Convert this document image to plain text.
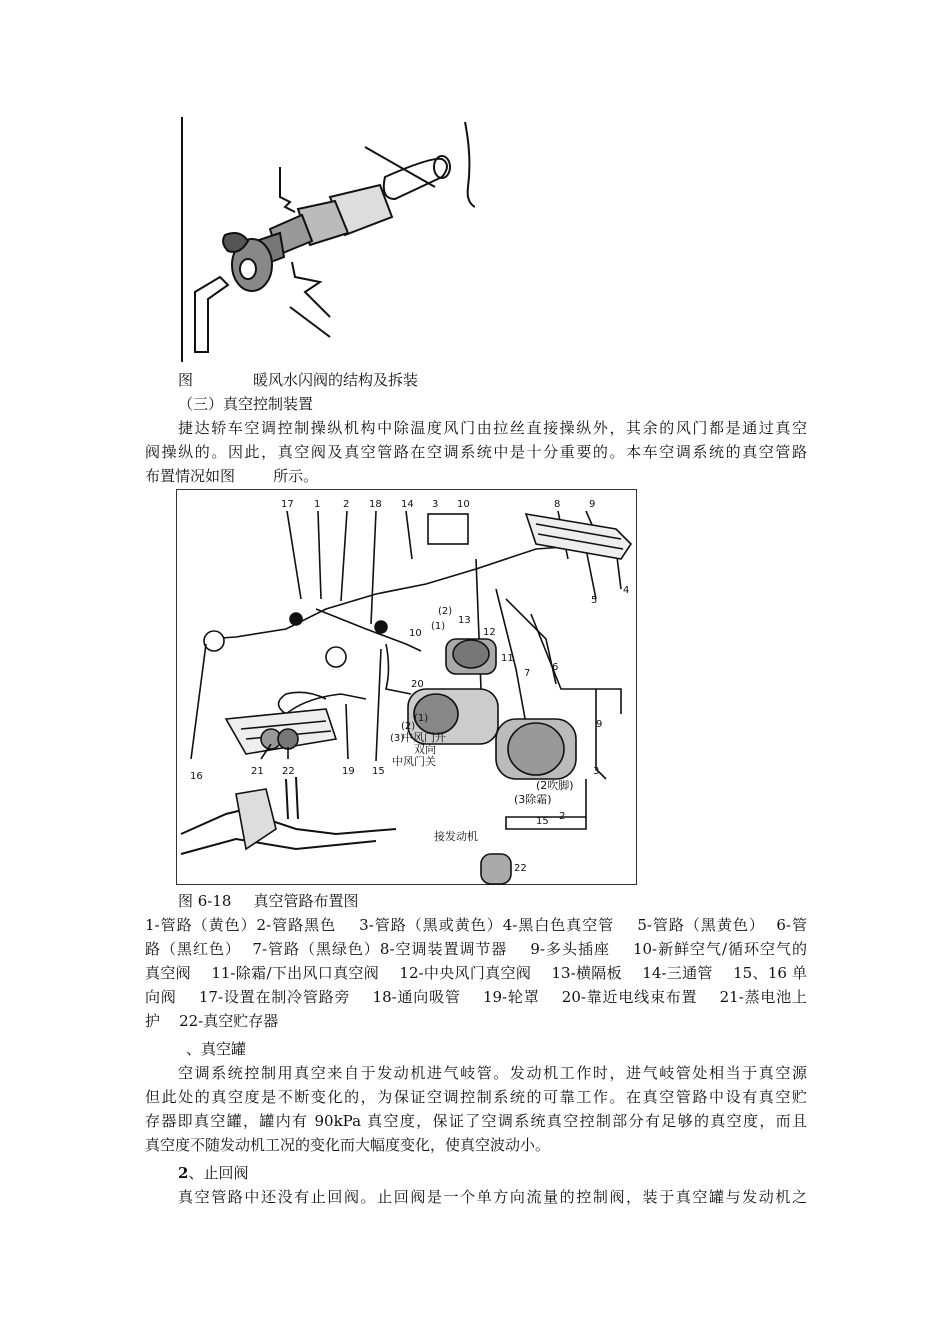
图	暖风水闪阀的结构及拆装
（三）真空控制装置
捷达轿车空调控制操纵机构中除温度风门由拉丝直接操纵外，其余的风门都是通过真空
阀操纵的。因此，真空阀及真空管路在空调系统中是十分重要的。本车空调系统的真空管路
布置情况如图        所示。
17 1 2 18 14 3 10	8	9
5
4
(2)
13
(1)
12
11
7
6
10
20
(1)
(2)
(3)
9
16	21 22	19 15	3
2
15
22
中风门开
双向
中风门关
(2吹脚)
(3除霜)
接发动机
图 6-18 真空管路布置图
1-管路（黄色）2-管路黑色    3-管路（黑或黄色）4-黑白色真空管    5-管路（黑黄色）  6-管
路（黑红色）  7-管路（黑绿色）8-空调装置调节器    9-多头插座    10-新鲜空气/循环空气的
真空阀    11-除霜/下出风口真空阀    12-中央风门真空阀    13-横隔板    14-三通管    15、16 单
向阀    17-设置在制冷管路旁    18-通向吸管    19-轮罩    20-靠近电线束布置    21-蒸电池上
护    22-真空贮存器
、真空罐
空调系统控制用真空来自于发动机进气岐管。发动机工作时，进气岐管处相当于真空源
但此处的真空度是不断变化的，为保证空调控制系统的可靠工作。在真空管路中设有真空贮
存器即真空罐，罐内有 90kPa 真空度，保证了空调系统真空控制部分有足够的真空度，而且
真空度不随发动机工况的变化而大幅度变化，使真空波动小。
2、止回阀
真空管路中还没有止回阀。止回阀是一个单方向流量的控制阀，装于真空罐与发动机之
